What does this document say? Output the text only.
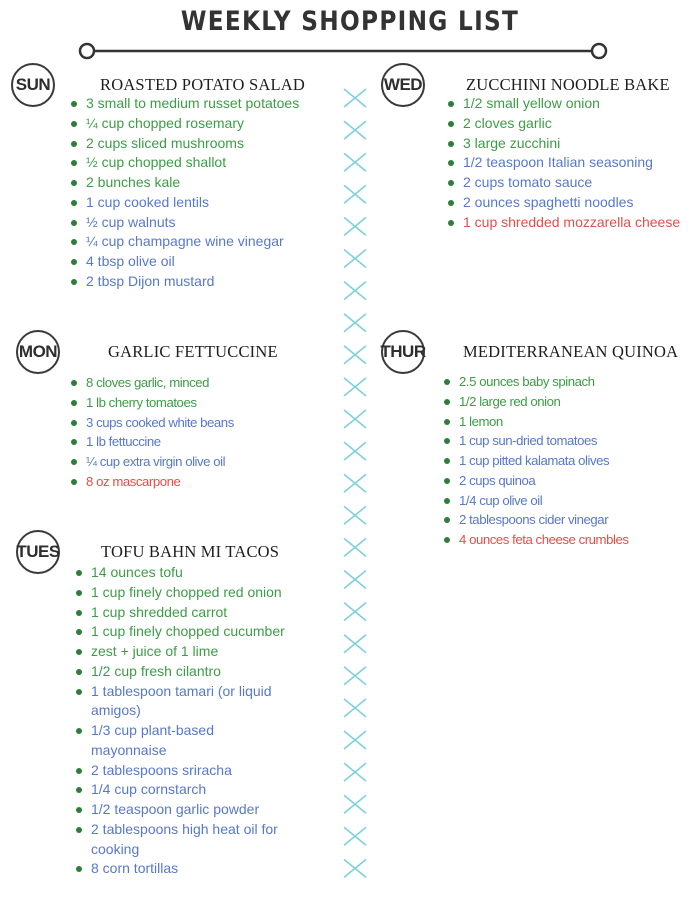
WEEKLY SHOPPING LIST
SUN	ROASTED POTATO SALAD
3 small to medium russet potatoes
¼ cup chopped rosemary
2 cups sliced mushrooms
½ cup chopped shallot
2 bunches kale
1 cup cooked lentils
½ cup walnuts
¼ cup champagne wine vinegar
4 tbsp olive oil
2 tbsp Dijon mustard
MON	GARLIC FETTUCCINE
8 cloves garlic, minced
1 lb cherry tomatoes
3 cups cooked white beans
1 lb fettuccine
¼ cup extra virgin olive oil
8 oz mascarpone
TUES	TOFU BAHN MI TACOS
14 ounces tofu
1 cup finely chopped red onion
1 cup shredded carrot
1 cup finely chopped cucumber
zest + juice of 1 lime
1/2 cup fresh cilantro
1 tablespoon tamari (or liquid amigos)
1/3 cup plant-based mayonnaise
2 tablespoons sriracha
1/4 cup cornstarch
1/2 teaspoon garlic powder
2 tablespoons high heat oil for cooking
8 corn tortillas
WED	ZUCCHINI NOODLE BAKE
1/2 small yellow onion
2 cloves garlic
3 large zucchini
1/2 teaspoon Italian seasoning
2 cups tomato sauce
2 ounces spaghetti noodles
1 cup shredded mozzarella cheese
THUR MEDITERRANEAN QUINOA
2.5 ounces baby spinach
1/2 large red onion
1 lemon
1 cup sun-dried tomatoes
1 cup pitted kalamata olives
2 cups quinoa
1/4 cup olive oil
2 tablespoons cider vinegar
4 ounces feta cheese crumbles
